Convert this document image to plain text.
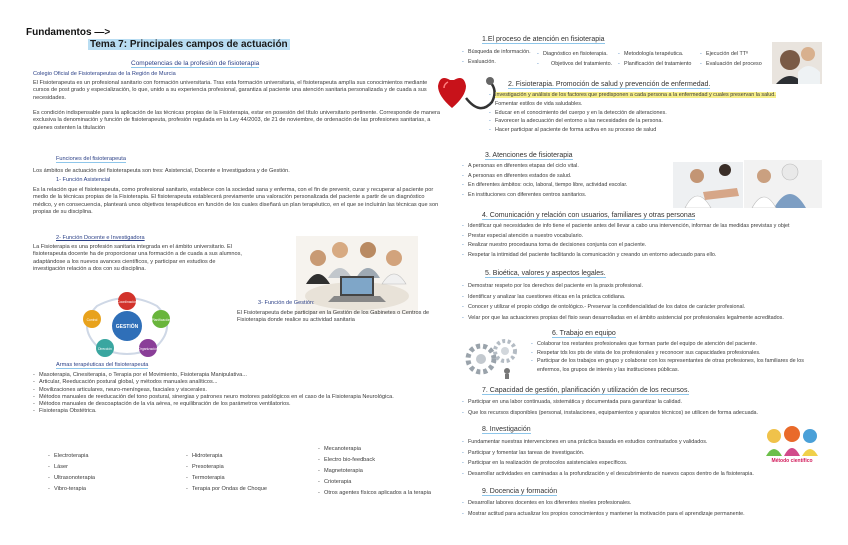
Fundamentos —>
Tema 7: Principales campos de actuación
Competencias de la profesión de fisioterapia
Colegio Oficial de Fisioterapeutas de la Región de Murcia
El Fisioterapeuta es un profesional sanitario con formación universitaria. Tras esta formación universitaria, el fisioterapeuta amplía sus conocimientos mediante cursos de post grado y especialización, lo que, unido a su experiencia profesional, garantiza al paciente una atención sanitaria personalizada y de cuada a sus necesidades.
Es condición indispensable para la aplicación de las técnicas propias de la Fisioterapia, estar en posesión del título universitario pertinente. Corresponde de manera exclusiva la denominación y función de fisioterapeuta, profesión regulada en la Ley 44/2003, de 21 de noviembre, de ordenación de las profesiones sanitarias, a quienes ostenten la titulación
Funciones del fisioterapeuta
Los ámbitos de actuación del fisioterapeuta son tres: Asistencial, Docente e Investigadora y de Gestión.
1- Función Asistencial
Es la relación que el fisioterapeuta, como profesional sanitario, establece con la sociedad sana y enferma, con el fin de prevenir, curar y recuperar al paciente por medio de la técnicas propias de la Fisioterapia. El fisioterapeuta establecerá previamente una valoración personalizada del paciente a partir de un diagnóstico médico, y en consecuencia, planteará unos objetivos terapéuticos en función de los cuales diseñará un plan terapéutico, en el que se incluirán las técnicas que son propias de su disciplina.
2- Función Docente e Investigadora
La Fisioterapia es una profesión sanitaria integrada en el ámbito universitario. El fisioterapeuta docente ha de proporcionar una formación a de cuada a sus alumnos, adaptándose a los nuevos avances científicos, y participar en estudios de investigación relación a dos con su disciplina.
GESTIÓN
Coordinación
Planificación
Organización
Dirección
Control
3- Función de Gestión:
El Fisioterapeuta debe participar en la Gestión de los Gabinetes o Centros de Fisioterapia donde realice su actividad sanitaria
Armas terapéuticas del fisioterapeuta
- Masoterapia, Cinesiterapia, o Terapia por el Movimiento, Fisioterapia Manipulativa...
- Articular, Reeducación postural global, y métodos manuales analíticos...
- Movilizaciones articulares, neuro-meníngeas, fasciales y viscerales.
- Métodos manuales de reeducación del tono postural, sinergias y patrones neuro motores patológicos en el caso de la Fisioterapia Neurológica.
- Métodos manuales de descoaptación de la vía aérea, re equilibración de los parámetros ventilatorios.
- Fisioterapia Obstétrica.
- Electroterapia
- Láser
- Ultrasonoterapia
- Vibro-terapia
- Hidroterapia
- Presoterapia
- Termoterapia
- Terapia por Ondas de Choque
- Mecanoterapia
- Electro bio-feedback
- Magnetoterapia
- Crioterapia
- Otros agentes físicos aplicados a la terapia
1.El proceso de atención en fisioterapia
- Búsqueda de información.
- Evaluación.
- Diagnóstico en fisioterapia.
- Objetivos del tratamiento.
- Metodología terapéutica.
- Planificación del tratamiento
- Ejecución del TTº
- Evaluación del proceso
2. Fisioterapia. Promoción de salud y prevención de enfermedad.
- Investigación y análisis de los factores que predisponen a cada persona a la enfermedad y cuales preservan la salud.
- Fomentar estilos de vida saludables.
- Educar en el conocimiento del cuerpo y en la detección de alteraciones.
- Favorecer la adecuación del entorno a las necesidades de la persona.
- Hacer participar al paciente de forma activa en su proceso de salud
3. Atenciones de fisioterapia
- A personas en diferentes etapas del ciclo vital.
- A personas en diferentes estados de salud.
- En diferentes ámbitos: ocio, laboral, tiempo libre, actividad escolar.
- En instituciones con diferentes centros sanitarios.
4. Comunicación y relación con usuarios, familiares y otras personas
- Identificar qué necesidades de info tiene el paciente antes del llevar a cabo una intervención, informar de las medidas previstas y objet
- Prestar especial atención a nuestro vocabulario.
- Realizar nuestro procedauna toma de decisiones conjunta con el paciente.
- Respetar la intimidad del paciente facilitando la comunicación y creando un entorno adecuado para ello.
5. Bioética, valores y aspectos legales.
- Demostrar respeto por los derechos del paciente en la praxis profesional.
- Identificar y analizar las cuestiones éticas en la práctica cotidiana.
- Conocer y utilizar el propio código de ontológico.- Preservar la confidencialidad de los datos de carácter profesional.
- Velar por que las actuaciones propias del fisio sean desarrolladas en el ámbito asistencial por profesionales legalmente acreditados.
6. Trabajo en equipo
- Colaborar tos restantes profesionales que forman parte del equipo de atención del paciente.
- Respetar tds los pts de vista de los profesionales y reconocer sus capacidades profesionales.
- Participar de los trabajos en grupo y colaborar con los representantes de otras profesiones, los familiares de los enfermos, los grupos de interés y las instituciones públicas.
7. Capacidad de gestión, planificación y utilización de los recursos.
- Participar en una labor continuada, sistemática y documentada para garantizar la calidad.
- Que los recursos disponibles (personal, instalaciones, equipamientos y aparatos técnicos) se utilicen de forma adecuada.
8. Investigación
- Fundamentar nuestras intervenciones en una práctica basada en estudios contrastados y validados.
- Participar y fomentar las tareas de investigación.
- Participar en la realización de protocolos asistenciales específicos.
- Desarrollar actividades en caminadas a la profundización y el descubrimiento de nuevos capos dentro de la fisioterapia.
Método científico
9. Docencia y formación
- Desarrollar labores docentes en los diferentes niveles profesionales.
- Mostrar actitud para actualizar los propios conocimientos y mantener la motivación para el aprendizaje permanente.
